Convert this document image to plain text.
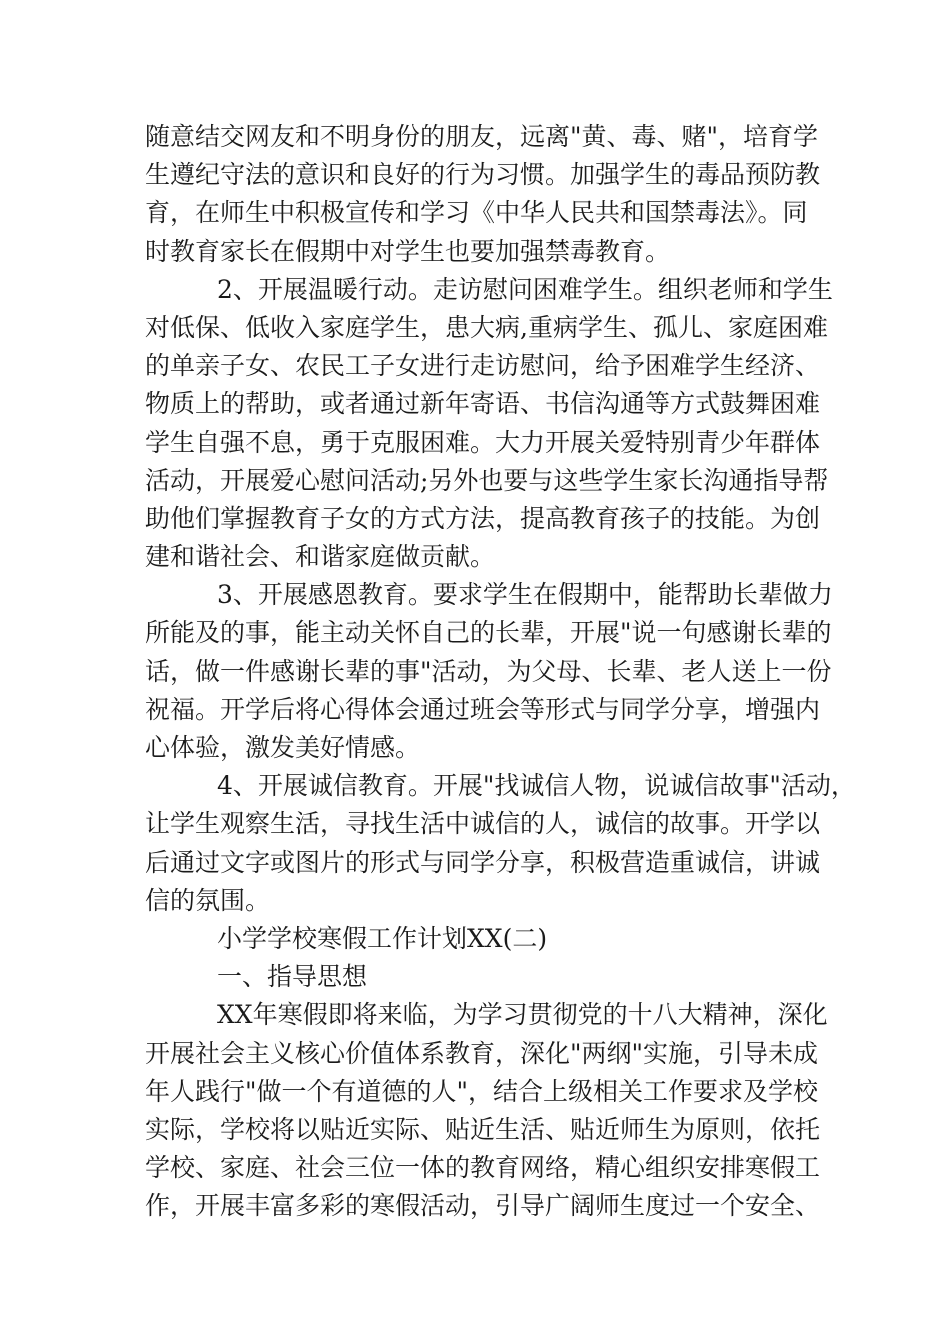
随意结交网友和不明身份的朋友，远离"黄、毒、赌"，培育学
生遵纪守法的意识和良好的行为习惯。加强学生的毒品预防教
育，在师生中积极宣传和学习《中华人民共和国禁毒法》。同
时教育家长在假期中对学生也要加强禁毒教育。
2、开展温暖行动。走访慰问困难学生。组织老师和学生
对低保、低收入家庭学生，患大病,重病学生、孤儿、家庭困难
的单亲子女、农民工子女进行走访慰问，给予困难学生经济、
物质上的帮助，或者通过新年寄语、书信沟通等方式鼓舞困难
学生自强不息，勇于克服困难。大力开展关爱特别青少年群体
活动，开展爱心慰问活动;另外也要与这些学生家长沟通指导帮
助他们掌握教育子女的方式方法，提高教育孩子的技能。为创
建和谐社会、和谐家庭做贡献。
3、开展感恩教育。要求学生在假期中，能帮助长辈做力
所能及的事，能主动关怀自己的长辈，开展"说一句感谢长辈的
话，做一件感谢长辈的事"活动，为父母、长辈、老人送上一份
祝福。开学后将心得体会通过班会等形式与同学分享，增强内
心体验，激发美好情感。
4、开展诚信教育。开展"找诚信人物，说诚信故事"活动，
让学生观察生活，寻找生活中诚信的人，诚信的故事。开学以
后通过文字或图片的形式与同学分享，积极营造重诚信，讲诚
信的氛围。
小学学校寒假工作计划XX(二)
一、指导思想
XX年寒假即将来临，为学习贯彻党的十八大精神，深化
开展社会主义核心价值体系教育，深化"两纲"实施，引导未成
年人践行"做一个有道德的人"，结合上级相关工作要求及学校
实际，学校将以贴近实际、贴近生活、贴近师生为原则，依托
学校、家庭、社会三位一体的教育网络，精心组织安排寒假工
作，开展丰富多彩的寒假活动，引导广阔师生度过一个安全、
